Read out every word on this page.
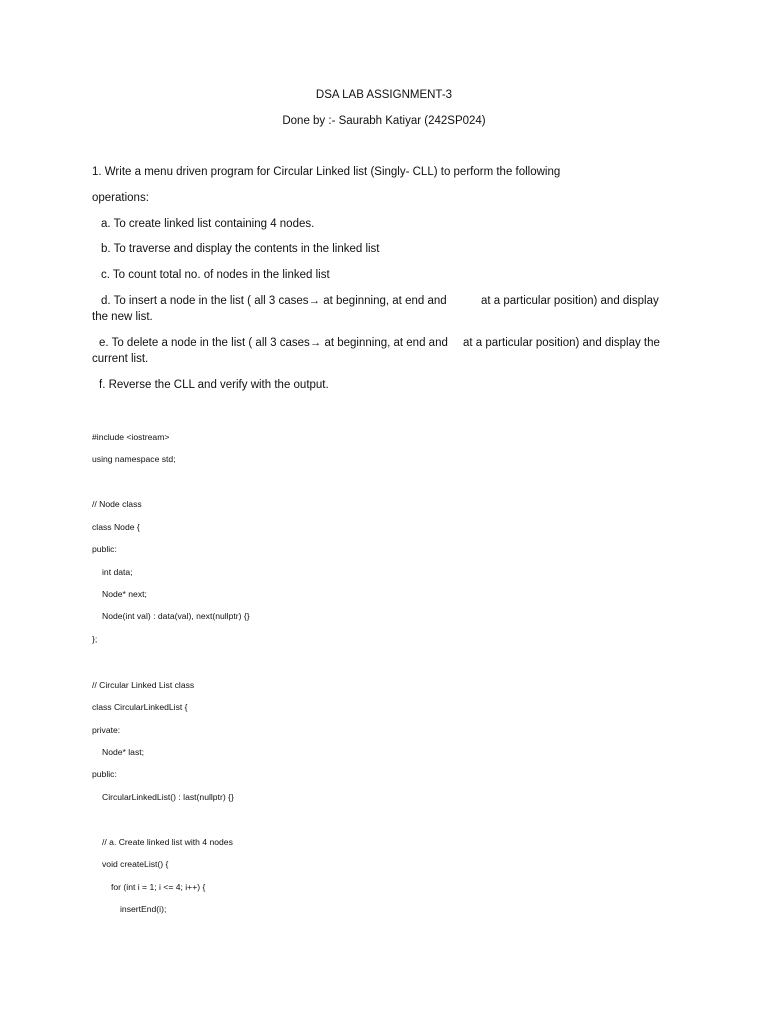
DSA LAB ASSIGNMENT-3
Done by :- Saurabh Katiyar (242SP024)
1. Write a menu driven program for Circular Linked list (Singly- CLL) to perform the following
operations:
a. To create linked list containing 4 nodes.
b. To traverse and display the contents in the linked list
c. To count total no. of nodes in the linked list
d. To insert a node in the list ( all 3 cases→ at beginning, at end and	at a particular position) and display
the new list.
e. To delete a node in the list ( all 3 cases→ at beginning, at end and at a particular position) and display the
current list.
f. Reverse the CLL and verify with the output.
#include <iostream>
using namespace std;
// Node class
class Node {
public:
int data;
Node* next;
Node(int val) : data(val), next(nullptr) {}
};
// Circular Linked List class
class CircularLinkedList {
private:
Node* last;
public:
CircularLinkedList() : last(nullptr) {}
// a. Create linked list with 4 nodes
void createList() {
for (int i = 1; i <= 4; i++) {
insertEnd(i);
